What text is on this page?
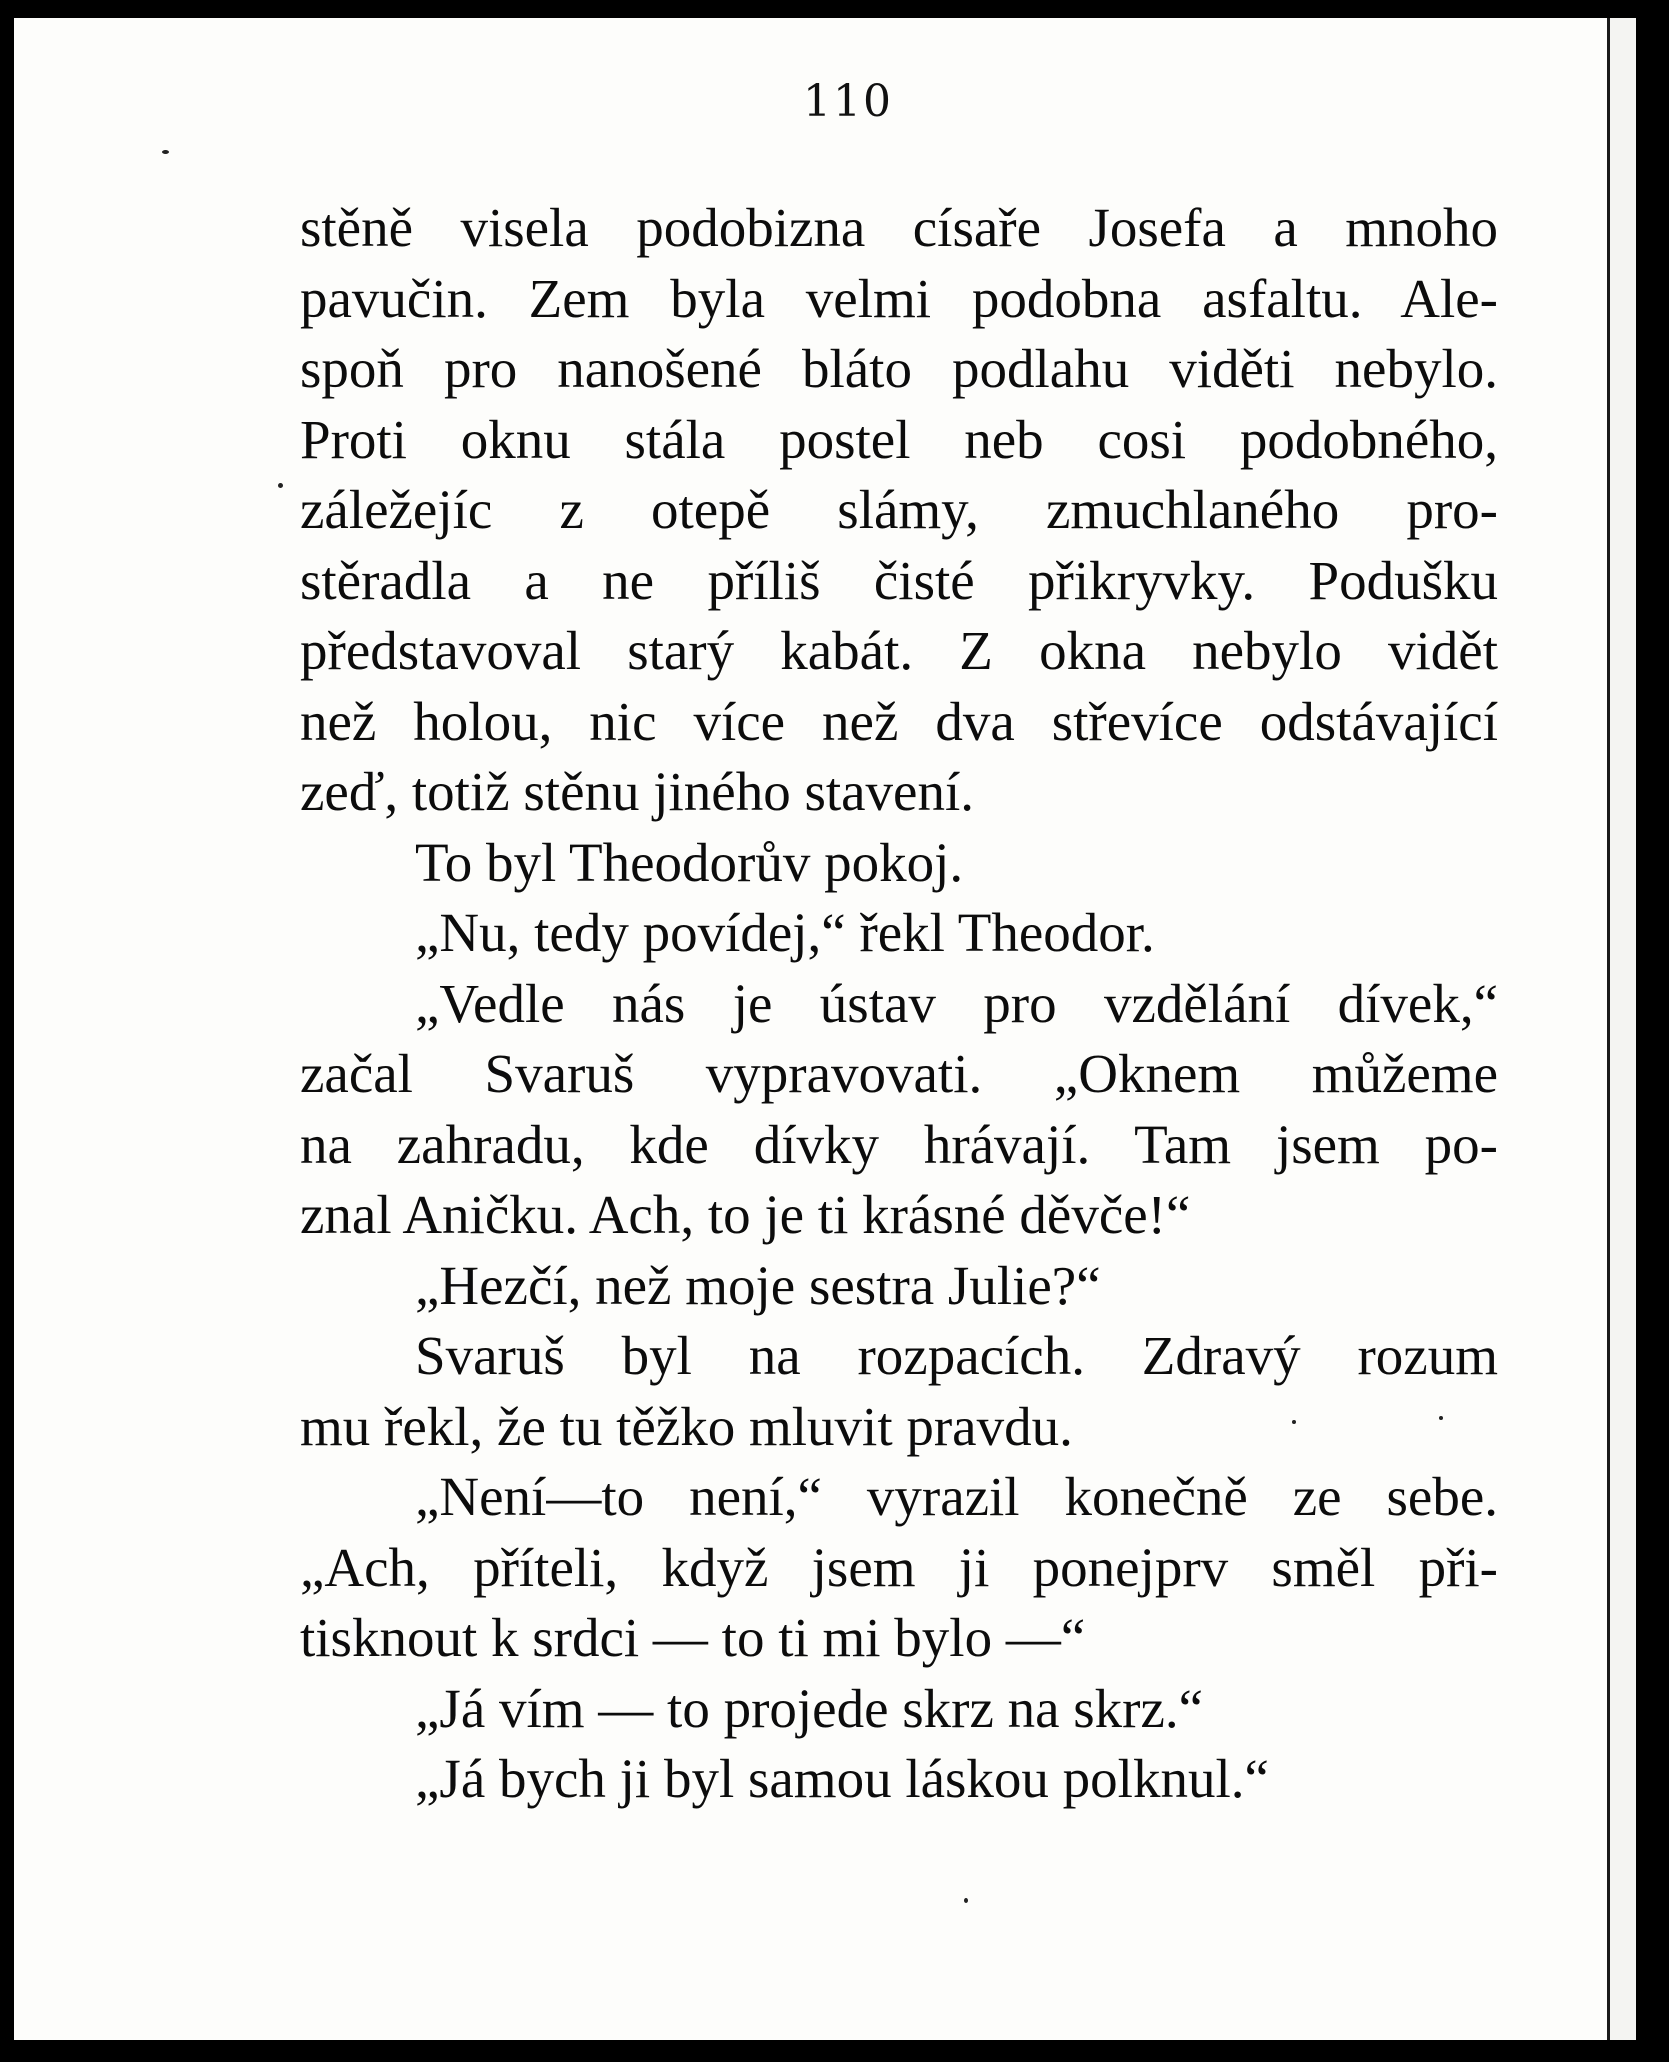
110
stěně visela podobizna císaře Josefa a mnoho
pavučin. Zem byla velmi podobna asfaltu. Ale-
spoň pro nanošené bláto podlahu viděti nebylo.
Proti oknu stála postel neb cosi podobného,
záležejíc z otepě slámy, zmuchlaného pro-
stěradla a ne příliš čisté přikryvky. Podušku
představoval starý kabát. Z okna nebylo vidět
než holou, nic více než dva střevíce odstávající
zeď, totiž stěnu jiného stavení.
To byl Theodorův pokoj.
„Nu, tedy povídej,“ řekl Theodor.
„Vedle nás je ústav pro vzdělání dívek,“
začal Svaruš vypravovati. „Oknem můžeme
na zahradu, kde dívky hrávají. Tam jsem po-
znal Aničku. Ach, to je ti krásné děvče!“
„Hezčí, než moje sestra Julie?“
Svaruš byl na rozpacích. Zdravý rozum
mu řekl, že tu těžko mluvit pravdu.
„Není—to není,“ vyrazil konečně ze sebe.
„Ach, příteli, když jsem ji ponejprv směl při-
tisknout k srdci — to ti mi bylo —“
„Já vím — to projede skrz na skrz.“
„Já bych ji byl samou láskou polknul.“
